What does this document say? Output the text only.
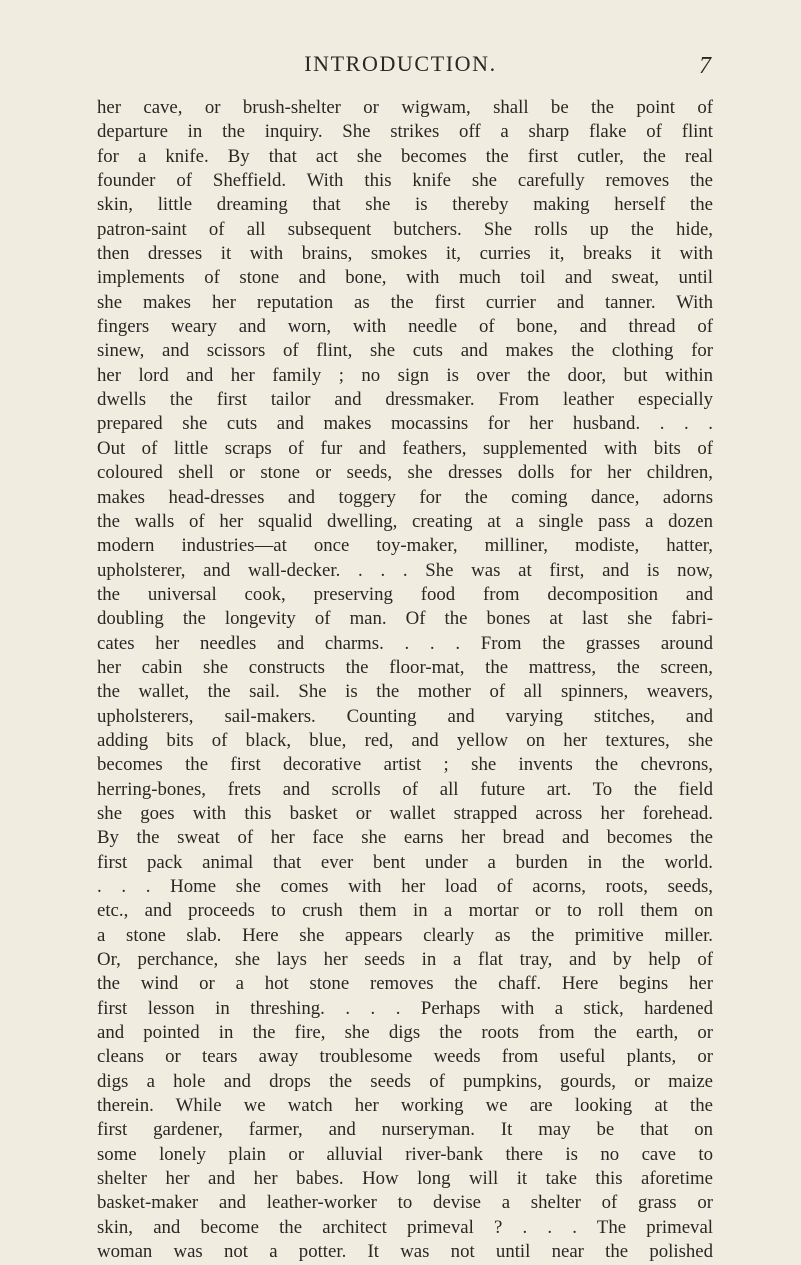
INTRODUCTION.	7
her cave, or brush-shelter or wigwam, shall be the point of
departure in the inquiry. She strikes off a sharp flake of flint
for a knife. By that act she becomes the first cutler, the real
founder of Sheffield. With this knife she carefully removes the
skin, little dreaming that she is thereby making herself the
patron-saint of all subsequent butchers. She rolls up the hide,
then dresses it with brains, smokes it, curries it, breaks it with
implements of stone and bone, with much toil and sweat, until
she makes her reputation as the first currier and tanner. With
fingers weary and worn, with needle of bone, and thread of
sinew, and scissors of flint, she cuts and makes the clothing for
her lord and her family ; no sign is over the door, but within
dwells the first tailor and dressmaker. From leather especially
prepared she cuts and makes mocassins for her husband. . . .
Out of little scraps of fur and feathers, supplemented with bits of
coloured shell or stone or seeds, she dresses dolls for her children,
makes head-dresses and toggery for the coming dance, adorns
the walls of her squalid dwelling, creating at a single pass a dozen
modern industries—at once toy-maker, milliner, modiste, hatter,
upholsterer, and wall-decker. . . . She was at first, and is now,
the universal cook, preserving food from decomposition and
doubling the longevity of man. Of the bones at last she fabri-
cates her needles and charms. . . . From the grasses around
her cabin she constructs the floor-mat, the mattress, the screen,
the wallet, the sail. She is the mother of all spinners, weavers,
upholsterers, sail-makers. Counting and varying stitches, and
adding bits of black, blue, red, and yellow on her textures, she
becomes the first decorative artist ; she invents the chevrons,
herring-bones, frets and scrolls of all future art. To the field
she goes with this basket or wallet strapped across her forehead.
By the sweat of her face she earns her bread and becomes the
first pack animal that ever bent under a burden in the world.
. . . Home she comes with her load of acorns, roots, seeds,
etc., and proceeds to crush them in a mortar or to roll them on
a stone slab. Here she appears clearly as the primitive miller.
Or, perchance, she lays her seeds in a flat tray, and by help of
the wind or a hot stone removes the chaff. Here begins her
first lesson in threshing. . . . Perhaps with a stick, hardened
and pointed in the fire, she digs the roots from the earth, or
cleans or tears away troublesome weeds from useful plants, or
digs a hole and drops the seeds of pumpkins, gourds, or maize
therein. While we watch her working we are looking at the
first gardener, farmer, and nurseryman. It may be that on
some lonely plain or alluvial river-bank there is no cave to
shelter her and her babes. How long will it take this aforetime
basket-maker and leather-worker to devise a shelter of grass or
skin, and become the architect primeval ? . . . The primeval
woman was not a potter. It was not until near the polished
